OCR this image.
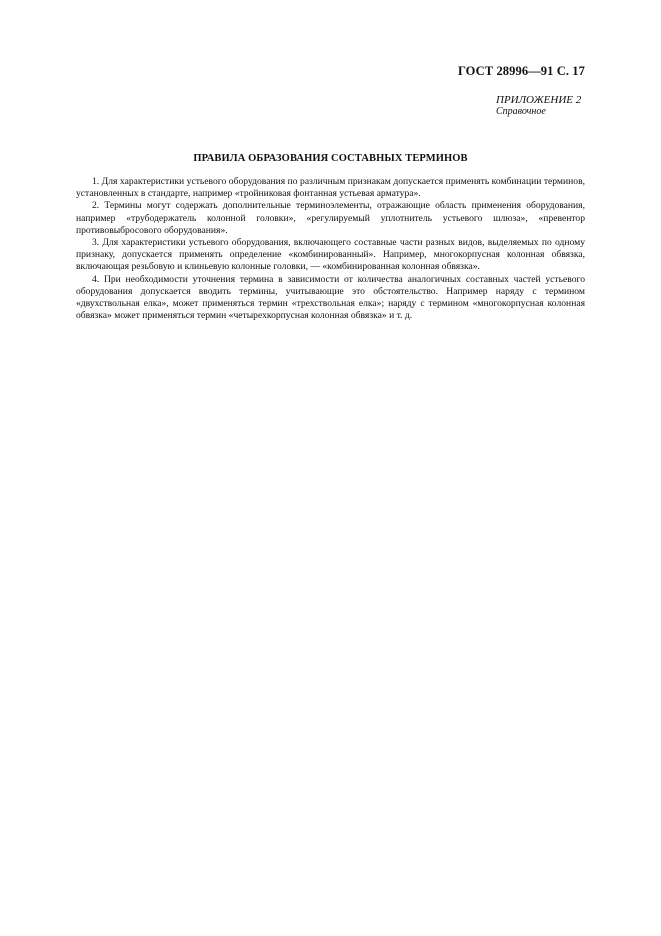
ГОСТ 28996—91 С. 17
ПРИЛОЖЕНИЕ 2
Справочное
ПРАВИЛА ОБРАЗОВАНИЯ СОСТАВНЫХ ТЕРМИНОВ

1. Для характеристики устьевого оборудования по различным признакам допускается применять комбинации терминов, установленных в стандарте, например «тройниковая фонтанная устьевая арматура».

2. Термины могут содержать дополнительные терминоэлементы, отражающие область применения оборудования, например «трубодержатель колонной головки», «регулируемый уплотнитель устьевого шлюза», «превентор противовыбросового оборудования».

3. Для характеристики устьевого оборудования, включающего составные части разных видов, выделяемых по одному признаку, допускается применять определение «комбинированный». Например, многокорпусная колонная обвязка, включающая резьбовую и клиньевую колонные головки, — «комбинированная колонная обвязка».

4. При необходимости уточнения термина в зависимости от количества аналогичных составных частей устьевого оборудования допускается вводить термины, учитывающие это обстоятельство. Например наряду с термином «двухствольная елка», может применяться термин «трехствольная елка»; наряду с термином «многокорпусная колонная обвязка» может применяться термин «четырехкорпусная колонная обвязка» и т. д.
